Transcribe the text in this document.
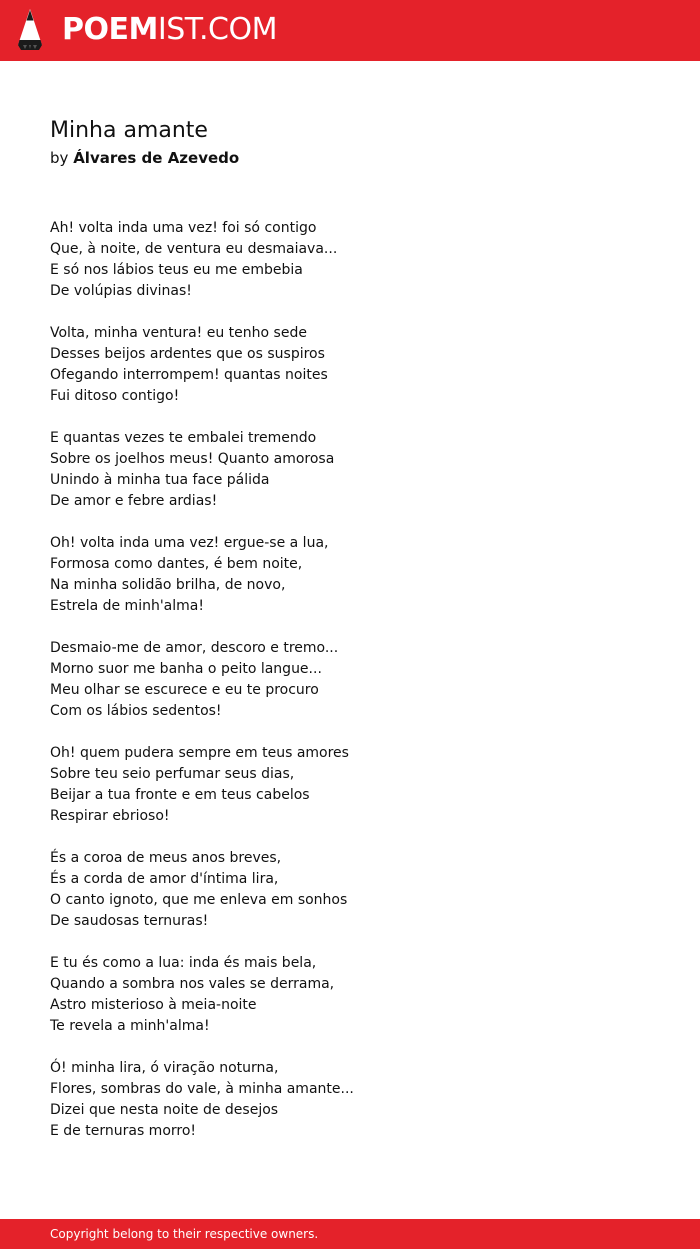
POEMIST.COM
Minha amante
by Álvares de Azevedo
Ah! volta inda uma vez! foi só contigo
Que, à noite, de ventura eu desmaiava...
E só nos lábios teus eu me embebia
De volúpias divinas!
Volta, minha ventura! eu tenho sede
Desses beijos ardentes que os suspiros
Ofegando interrompem! quantas noites
Fui ditoso contigo!
E quantas vezes te embalei tremendo
Sobre os joelhos meus! Quanto amorosa
Unindo à minha tua face pálida
De amor e febre ardias!
Oh! volta inda uma vez! ergue-se a lua,
Formosa como dantes, é bem noite,
Na minha solidão brilha, de novo,
Estrela de minh'alma!
Desmaio-me de amor, descoro e tremo...
Morno suor me banha o peito langue...
Meu olhar se escurece e eu te procuro
Com os lábios sedentos!
Oh! quem pudera sempre em teus amores
Sobre teu seio perfumar seus dias,
Beijar a tua fronte e em teus cabelos
Respirar ebrioso!
És a coroa de meus anos breves,
És a corda de amor d'íntima lira,
O canto ignoto, que me enleva em sonhos
De saudosas ternuras!
E tu és como a lua: inda és mais bela,
Quando a sombra nos vales se derrama,
Astro misterioso à meia-noite
Te revela a minh'alma!
Ó! minha lira, ó viração noturna,
Flores, sombras do vale, à minha amante...
Dizei que nesta noite de desejos
E de ternuras morro!
Copyright belong to their respective owners.
